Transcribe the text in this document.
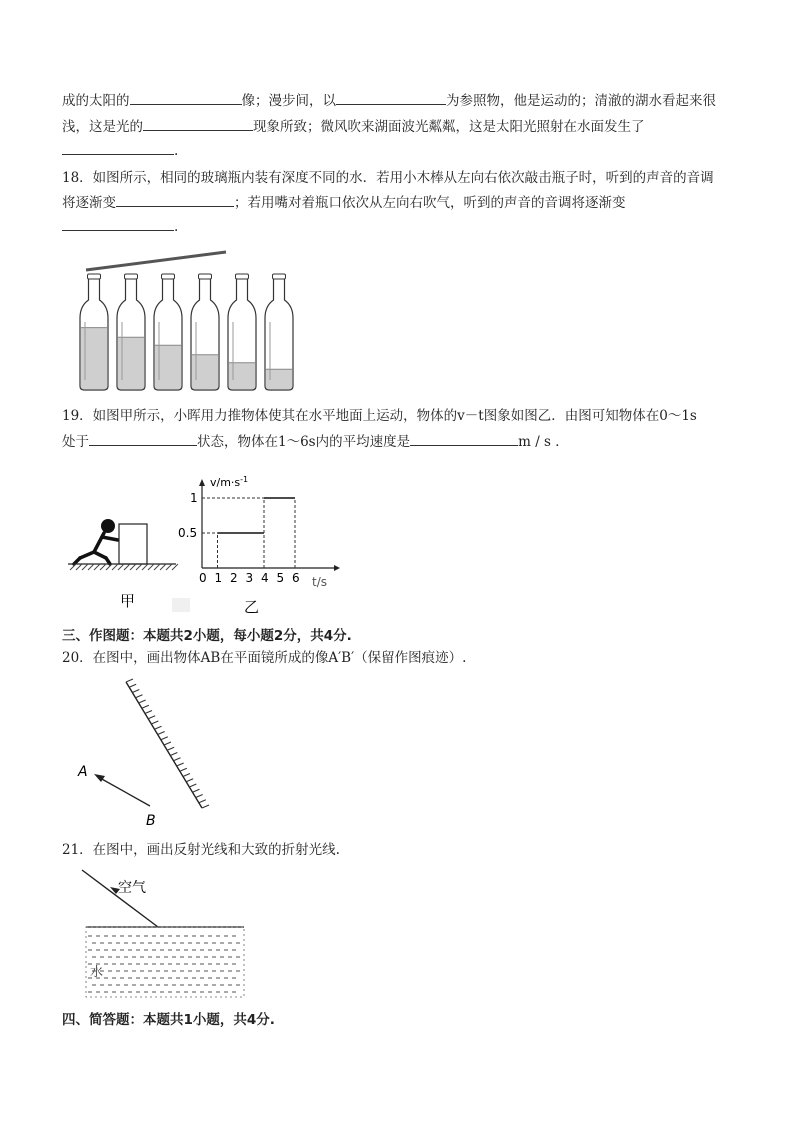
成的太阳的	像；漫步间，以	为参照物，他是运动的；清澈的湖水看起来很
浅，这是光的	现象所致；微风吹来湖面波光粼粼，这是太阳光照射在水面发生了
.
18．如图所示，相同的玻璃瓶内装有深度不同的水．若用小木棒从左向右依次敲击瓶子时，听到的声音的音调
将逐渐变	；若用嘴对着瓶口依次从左向右吹气，听到的声音的音调将逐渐变
.
19．如图甲所示，小晖用力推物体使其在水平地面上运动，物体的v－t图象如图乙．由图可知物体在0～1s
处于	状态，物体在1～6s内的平均速度是	m / s ．
甲
$v/m\cdot s^{-1}$
t/s
0 1 2 3 4 5 6
1
0.5
乙
三、作图题：本题共2小题，每小题2分，共4分.
20．在图中，画出物体AB在平面镜所成的像A′B′（保留作图痕迹）.
A
B
21．在图中，画出反射光线和大致的折射光线.
空气
水
四、简答题：本题共1小题，共4分.
